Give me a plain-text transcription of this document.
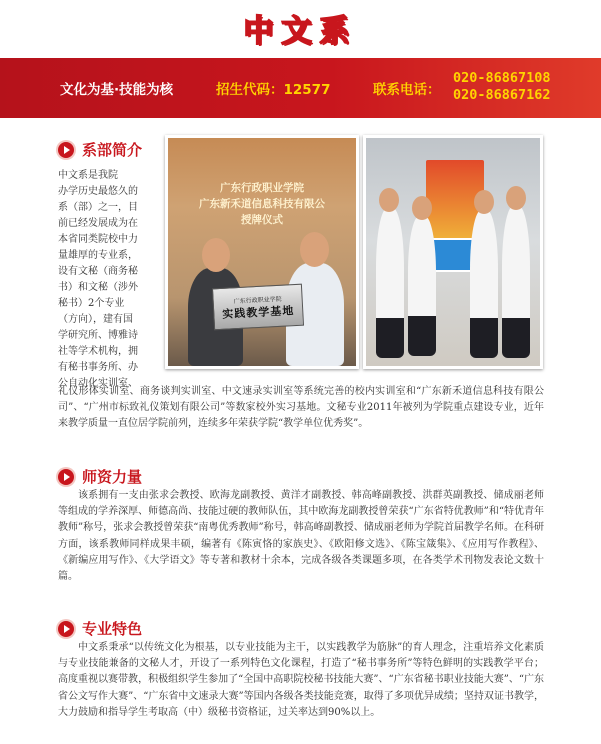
中文系
文化为基·技能为核	招生代码：12577	联系电话：
020-86867108
020-86867162
系部简介
中文系是我院
办学历史最悠久的
系（部）之一，目
前已经发展成为在
本省同类院校中力
量雄厚的专业系，
设有文秘（商务秘
书）和文秘（涉外
秘书）2个专业
（方向），建有国
学研究所、博雅诗
社等学术机构，拥
有秘书事务所、办
公自动化实训室、
广东行政职业学院
广东新禾道信息科技有限公
授牌仪式
广东行政职业学院
实践教学基地
礼仪形体实训室、商务谈判实训室、中文速录实训室等系统完善的校内实训室和“广东新禾道信息科技有限公司”、“广州市标致礼仪策划有限公司”等数家校外实习基地。文秘专业2011年被列为学院重点建设专业，近年来教学质量一直位居学院前列，连续多年荣获学院“教学单位优秀奖”。
师资力量
该系拥有一支由张求会教授、欧海龙副教授、黄洋才副教授、韩高峰副教授、洪群英副教授、储成丽老师等组成的学养深厚、师德高尚、技能过硬的教师队伍，其中欧海龙副教授曾荣获“广东省特优教师”和“特优青年教师”称号，张求会教授曾荣获“南粤优秀教师”称号，韩高峰副教授、储成丽老师为学院首届教学名师。在科研方面，该系教师同样成果丰硕，编著有《陈寅恪的家族史》、《欧阳修文选》、《陈宝箴集》、《应用写作教程》、《新编应用写作》、《大学语文》等专著和教材十余本，完成各级各类课题多项，在各类学术刊物发表论文数十篇。
专业特色
中文系秉承“以传统文化为根基，以专业技能为主干，以实践教学为筋脉”的育人理念，注重培养文化素质与专业技能兼备的文秘人才，开设了一系列特色文化课程，打造了“秘书事务所”等特色鲜明的实践教学平台；高度重视以赛带教，积极组织学生参加了“全国中高职院校秘书技能大赛”、“广东省秘书职业技能大赛”、“广东省公文写作大赛”、“广东省中文速录大赛”等国内各级各类技能竞赛，取得了多项优异成绩；坚持双证书教学，大力鼓励和指导学生考取高（中）级秘书资格证，过关率达到90%以上。
